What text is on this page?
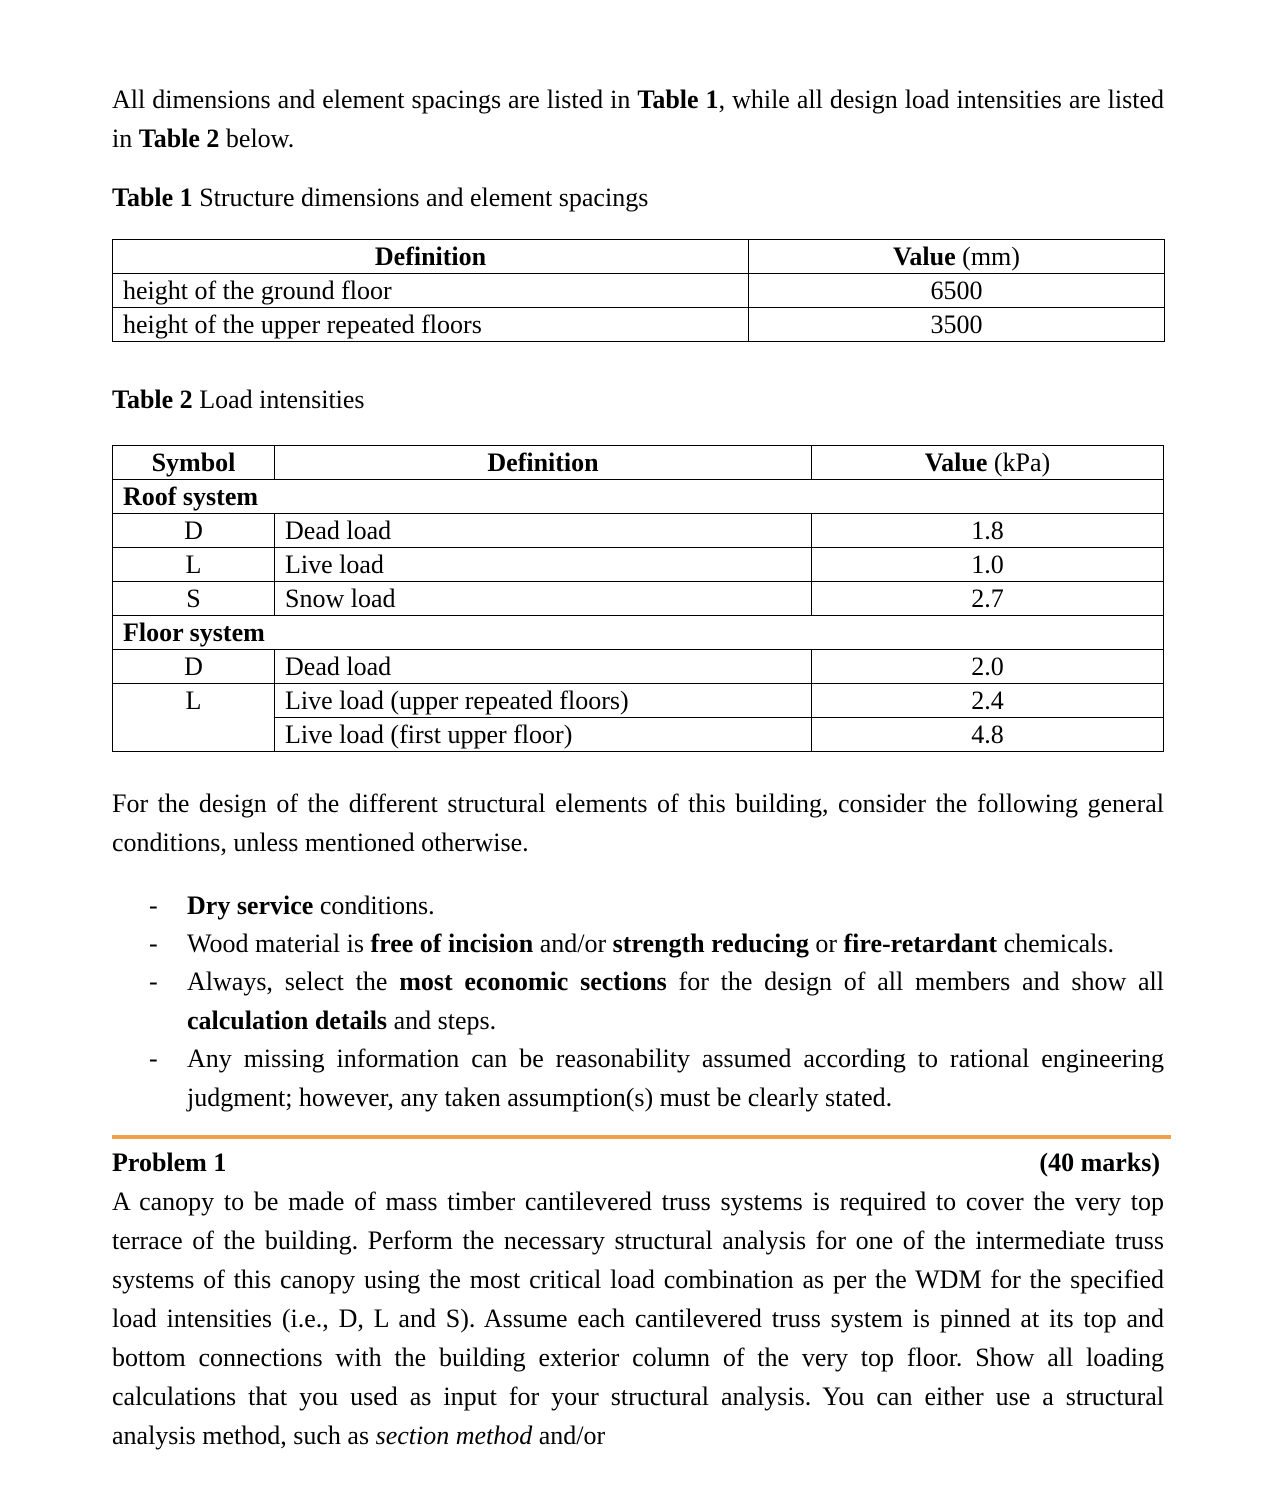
All dimensions and element spacings are listed in Table 1, while all design load intensities are listed in Table 2 below.

Table 1 Structure dimensions and element spacings

Definition	Value (mm)
height of the ground floor	6500
height of the upper repeated floors	3500

Table 2 Load intensities

Symbol	Definition	Value (kPa)
Roof system		
D	Dead load	1.8
L	Live load	1.0
S	Snow load	2.7
Floor system		
D	Dead load	2.0
L	Live load (upper repeated floors)	2.4
	Live load (first upper floor)	4.8

For the design of the different structural elements of this building, consider the following general conditions, unless mentioned otherwise.

- Dry service conditions.
- Wood material is free of incision and/or strength reducing or fire-retardant chemicals.
- Always, select the most economic sections for the design of all members and show all calculation details and steps.
- Any missing information can be reasonability assumed according to rational engineering judgment; however, any taken assumption(s) must be clearly stated.
Problem 1	(40 marks)

A canopy to be made of mass timber cantilevered truss systems is required to cover the very top terrace of the building. Perform the necessary structural analysis for one of the intermediate truss systems of this canopy using the most critical load combination as per the WDM for the specified load intensities (i.e., D, L and S). Assume each cantilevered truss system is pinned at its top and bottom connections with the building exterior column of the very top floor. Show all loading calculations that you used as input for your structural analysis. You can either use a structural analysis method, such as section method and/or
